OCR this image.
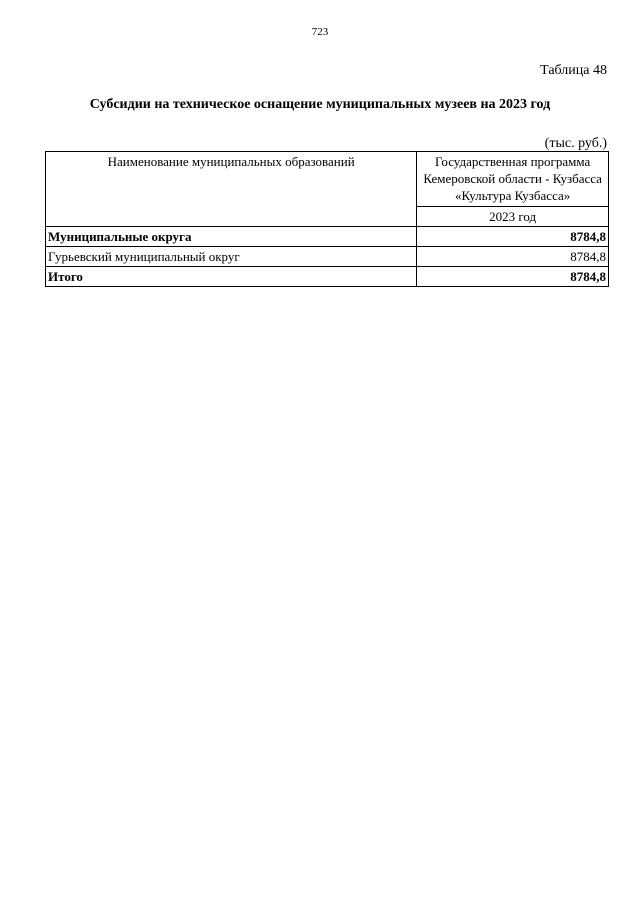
723
Таблица 48
Субсидии на техническое оснащение муниципальных музеев на 2023 год
(тыс. руб.)
Наименование муниципальных образований	Государственная программа Кемеровской области - Кузбасса «Культура Кузбасса»
	2023 год
Муниципальные округа	8784,8
Гурьевский муниципальный округ	8784,8
Итого	8784,8
